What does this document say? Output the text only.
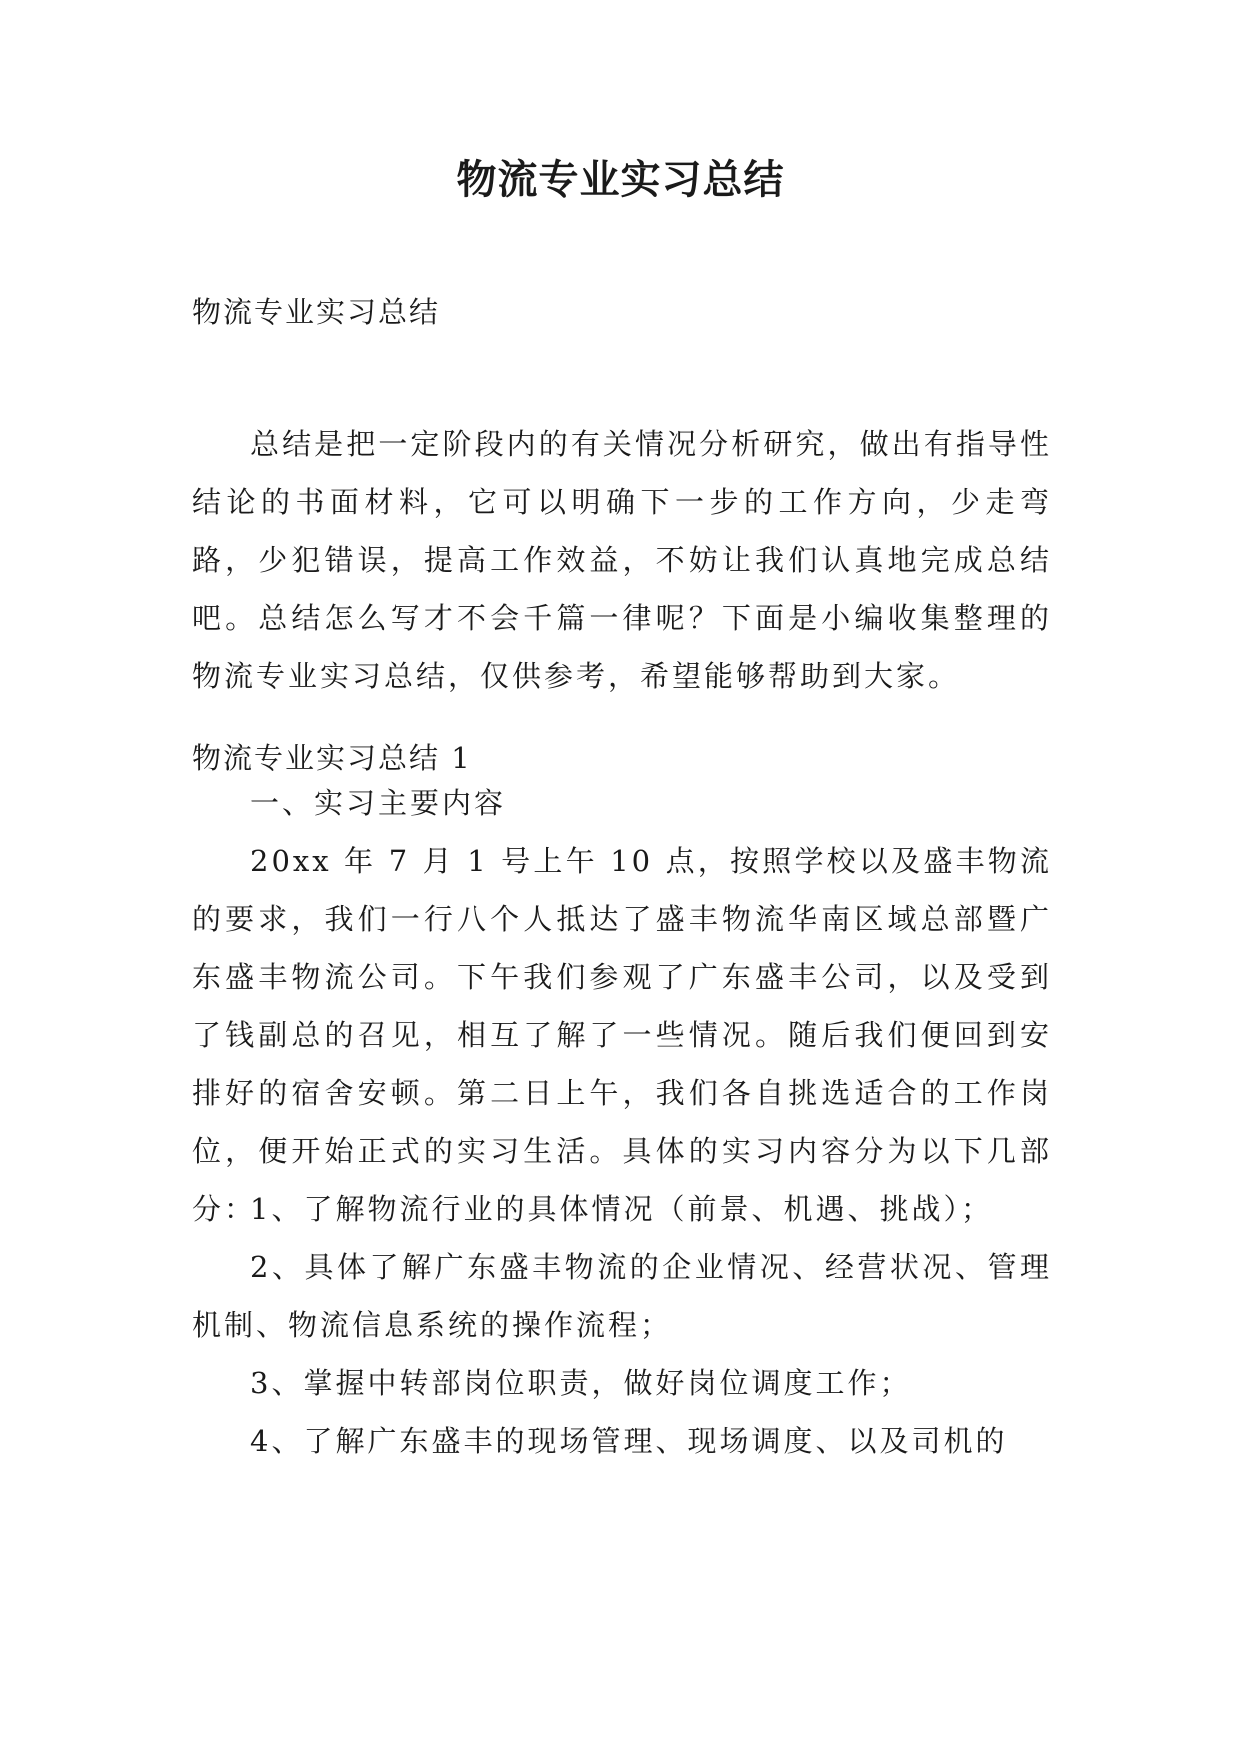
物流专业实习总结
物流专业实习总结

总结是把一定阶段内的有关情况分析研究，做出有指导性结论的书面材料，它可以明确下一步的工作方向，少走弯路，少犯错误，提高工作效益，不妨让我们认真地完成总结吧。总结怎么写才不会千篇一律呢？下面是小编收集整理的物流专业实习总结，仅供参考，希望能够帮助到大家。

物流专业实习总结 1

一、实习主要内容

20xx 年 7 月 1 号上午 10 点，按照学校以及盛丰物流的要求，我们一行八个人抵达了盛丰物流华南区域总部暨广东盛丰物流公司。下午我们参观了广东盛丰公司，以及受到了钱副总的召见，相互了解了一些情况。随后我们便回到安排好的宿舍安顿。第二日上午，我们各自挑选适合的工作岗位，便开始正式的实习生活。具体的实习内容分为以下几部分：

1、了解物流行业的具体情况（前景、机遇、挑战）；

2、具体了解广东盛丰物流的企业情况、经营状况、管理机制、物流信息系统的操作流程；

3、掌握中转部岗位职责，做好岗位调度工作；

4、了解广东盛丰的现场管理、现场调度、以及司机的
